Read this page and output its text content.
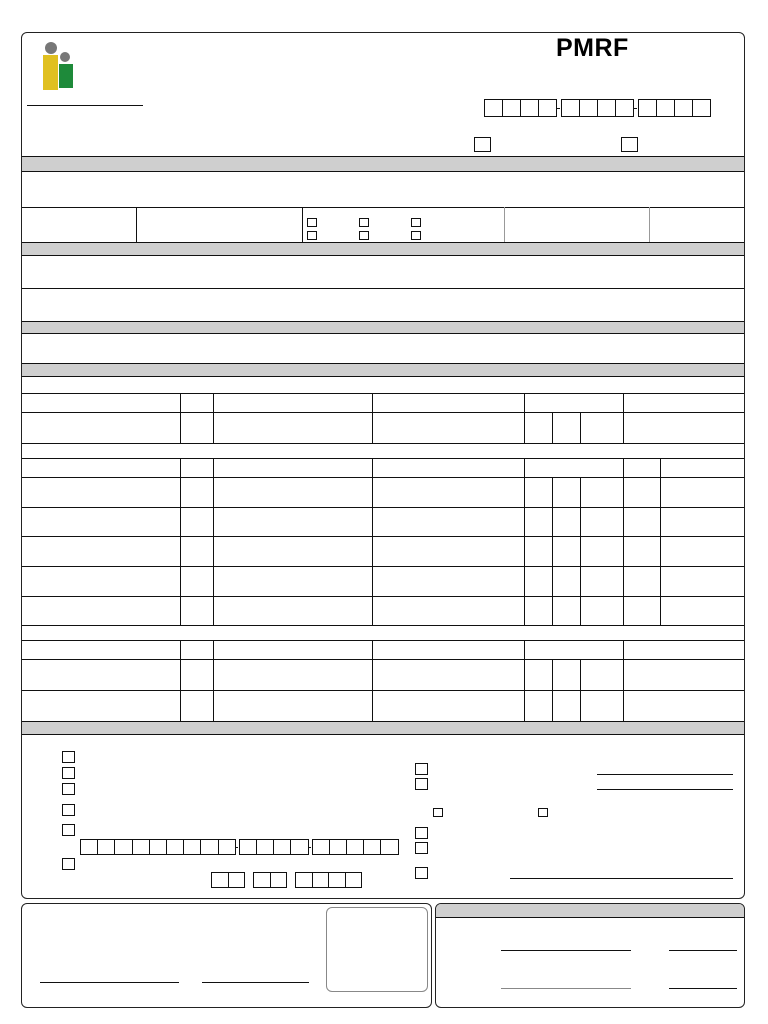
PMRF
